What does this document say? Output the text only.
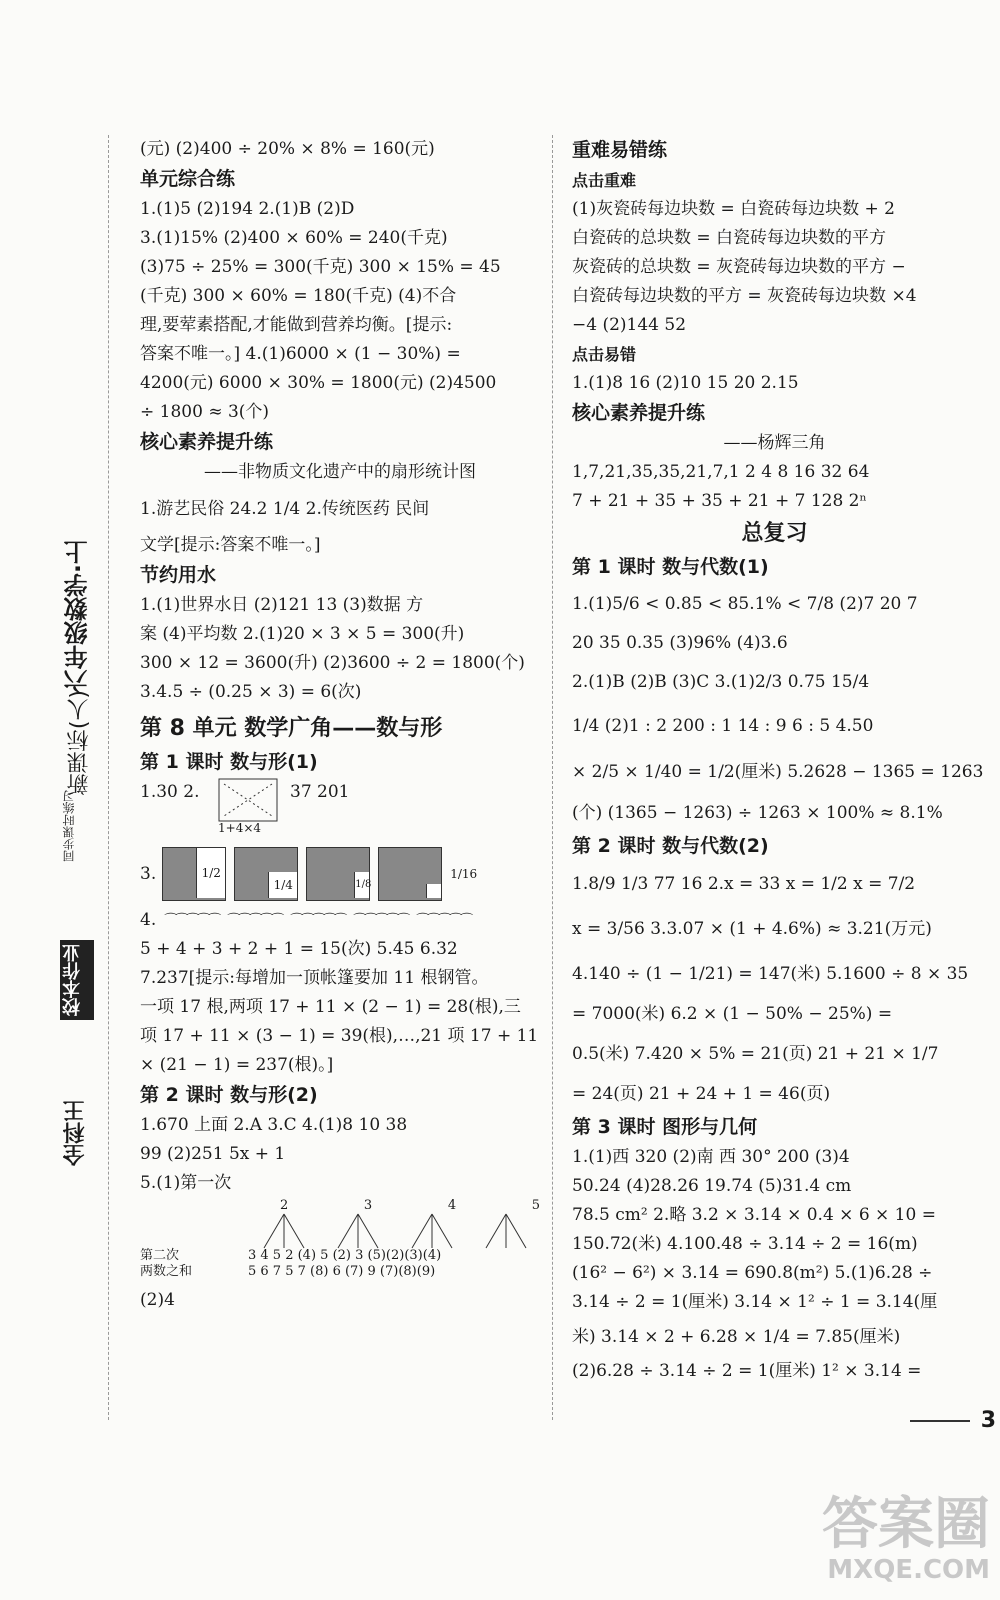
六年级数学·上
同步课时练习
校本作业
全科王
新课标(人)
(元) (2)400 ÷ 20% × 8% = 160(元)
单元综合练
1.(1)5 (2)194 2.(1)B (2)D
3.(1)15% (2)400 × 60% = 240(千克)
(3)75 ÷ 25% = 300(千克) 300 × 15% = 45
(千克) 300 × 60% = 180(千克) (4)不合
理,要荤素搭配,才能做到营养均衡。[提示:
答案不唯一。] 4.(1)6000 × (1 − 30%) =
4200(元) 6000 × 30% = 1800(元) (2)4500
÷ 1800 ≈ 3(个)
核心素养提升练
——非物质文化遗产中的扇形统计图
1.游艺民俗 24.2 1/4 2.传统医药 民间
文学[提示:答案不唯一。]
节约用水
1.(1)世界水日 (2)121 13 (3)数据 方
案 (4)平均数 2.(1)20 × 3 × 5 = 300(升)
300 × 12 = 3600(升) (2)3600 ÷ 2 = 1800(个)
3.4.5 ÷ (0.25 × 3) = 6(次)
第 8 单元 数学广角——数与形
第 1 课时 数与形(1)
1.30 2.
1+4×4
37 201
3.	1/2
1/4	1/8
1/16
4. ⌒⌒⌒⌒⌒ ⌒⌒⌒⌒⌒ ⌒⌒⌒⌒⌒ ⌒⌒⌒⌒⌒ ⌒⌒⌒⌒⌒
5 + 4 + 3 + 2 + 1 = 15(次) 5.45 6.32
7.237[提示:每增加一顶帐篷要加 11 根钢管。
一项 17 根,两项 17 + 11 × (2 − 1) = 28(根),三
项 17 + 11 × (3 − 1) = 39(根),…,21 项 17 + 11
× (21 − 1) = 237(根)。]
第 2 课时 数与形(2)
1.670 上面 2.A 3.C 4.(1)8 10 38
99 (2)251 5x + 1
5.(1)第一次
2	3	4	5
第二次	3 4 5 2 (4) 5 (2) 3 (5)(2)(3)(4)
两数之和	5 6 7 5 7 (8) 6 (7) 9 (7)(8)(9)
(2)4
重难易错练
点击重难
(1)灰瓷砖每边块数 = 白瓷砖每边块数 + 2
白瓷砖的总块数 = 白瓷砖每边块数的平方
灰瓷砖的总块数 = 灰瓷砖每边块数的平方 −
白瓷砖每边块数的平方 = 灰瓷砖每边块数 ×4
−4 (2)144 52
点击易错
1.(1)8 16 (2)10 15 20 2.15
核心素养提升练
——杨辉三角
1,7,21,35,35,21,7,1 2 4 8 16 32 64
7 + 21 + 35 + 35 + 21 + 7 128 2ⁿ
总复习
第 1 课时 数与代数(1)
1.(1)5/6 < 0.85 < 85.1% < 7/8 (2)7 20 7
20 35 0.35 (3)96% (4)3.6
2.(1)B (2)B (3)C 3.(1)2/3 0.75 15/4
1/4 (2)1 : 2 200 : 1 14 : 9 6 : 5 4.50
× 2/5 × 1/40 = 1/2(厘米) 5.2628 − 1365 = 1263
(个) (1365 − 1263) ÷ 1263 × 100% ≈ 8.1%
第 2 课时 数与代数(2)
1.8/9 1/3 77 16 2.x = 33 x = 1/2 x = 7/2
x = 3/56 3.3.07 × (1 + 4.6%) ≈ 3.21(万元)
4.140 ÷ (1 − 1/21) = 147(米) 5.1600 ÷ 8 × 35
= 7000(米) 6.2 × (1 − 50% − 25%) =
0.5(米) 7.420 × 5% = 21(页) 21 + 21 × 1/7
= 24(页) 21 + 24 + 1 = 46(页)
第 3 课时 图形与几何
1.(1)西 320 (2)南 西 30° 200 (3)4
50.24 (4)28.26 19.74 (5)31.4 cm
78.5 cm² 2.略 3.2 × 3.14 × 0.4 × 6 × 10 =
150.72(米) 4.100.48 ÷ 3.14 ÷ 2 = 16(m)
(16² − 6²) × 3.14 = 690.8(m²) 5.(1)6.28 ÷
3.14 ÷ 2 = 1(厘米) 3.14 × 1² ÷ 1 = 3.14(厘
米) 3.14 × 2 + 6.28 × 1/4 = 7.85(厘米)
(2)6.28 ÷ 3.14 ÷ 2 = 1(厘米) 1² × 3.14 =
3
答案圈
MXQE.COM
